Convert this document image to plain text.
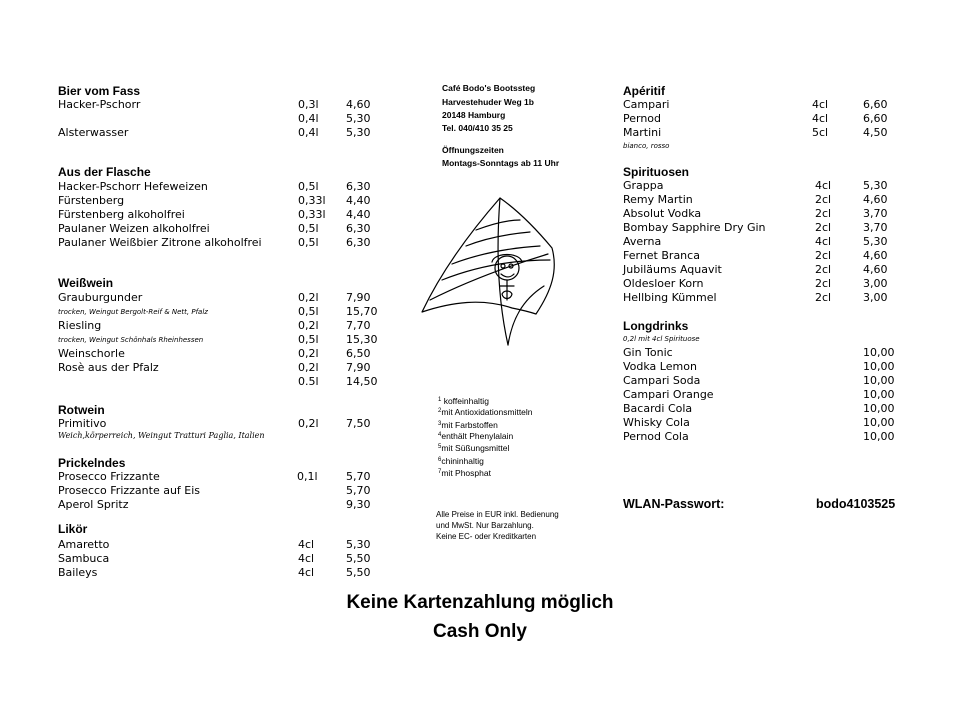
Bier vom Fass
Hacker-Pschorr	0,3l 4,60
0,4l 5,30
Alsterwasser	0,4l 5,30
Aus der Flasche
Hacker-Pschorr Hefeweizen	0,5l 6,30
Fürstenberg	0,33l 4,40
Fürstenberg alkoholfrei	0,33l 4,40
Paulaner Weizen alkoholfrei	0,5l 6,30
Paulaner Weißbier Zitrone alkoholfrei	0,5l 6,30
Weißwein
Grauburgunder	0,2l 7,90
trocken, Weingut Bergolt-Reif & Nett, Pfalz	0,5l 15,70
Riesling	0,2l 7,70
trocken, Weingut Schönhals Rheinhessen	0,5l 15,30
Weinschorle	0,2l 6,50
Rosè aus der Pfalz	0,2l 7,90
0.5l 14,50
Rotwein
Primitivo	0,2l 7,50
Weich,körperreich, Weingut Tratturi Paglia, Italien
Prickelndes
Prosecco Frizzante	0,1l	5,70
Prosecco Frizzante auf Eis	5,70
Aperol Spritz	9,30
Likör
Amaretto	4cl	5,30
Sambuca	4cl	5,50
Baileys	4cl	5,50
Café Bodo's Bootssteg
Harvestehuder Weg 1b
20148 Hamburg
Tel. 040/410 35 25
Öffnungszeiten
Montags-Sonntags ab 11 Uhr
$^1$ koffeinhaltig
$^2$mit Antioxidationsmitteln
$^3$mit Farbstoffen
$^4$enthält Phenylalain
$^5$mit Süßungsmittel
$^6$chininhaltig
$^7$mit Phosphat
Alle Preise in EUR inkl. Bedienung
und MwSt. Nur Barzahlung.
Keine EC- oder Kreditkarten
Apéritif
Campari	4cl	6,60
Pernod	4cl	6,60
Martini	5cl	4,50
bianco, rosso
Spirituosen
Grappa	4cl	5,30
Remy Martin	2cl	4,60
Absolut Vodka	2cl	3,70
Bombay Sapphire Dry Gin	2cl	3,70
Averna	4cl	5,30
Fernet Branca	2cl	4,60
Jubiläums Aquavit	2cl	4,60
Oldesloer Korn	2cl	3,00
Hellbing Kümmel	2cl	3,00
Longdrinks
0,2l mit 4cl Spirituose
Gin Tonic	10,00
Vodka Lemon	10,00
Campari Soda	10,00
Campari Orange	10,00
Bacardi Cola	10,00
Whisky Cola	10,00
Pernod Cola	10,00
WLAN-Passwort:	bodo4103525
Keine Kartenzahlung möglich
Cash Only
